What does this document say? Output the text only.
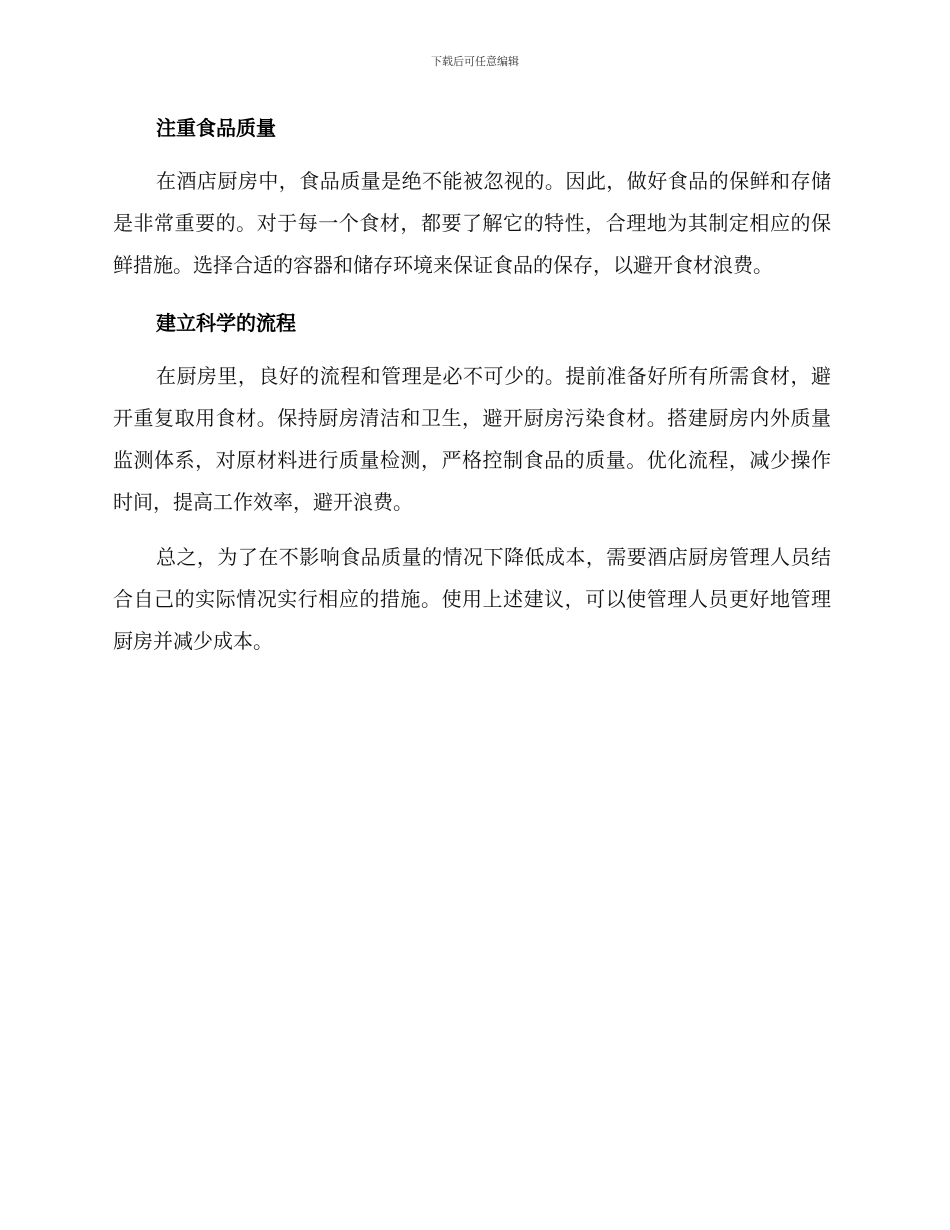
下载后可任意编辑
注重食品质量

在酒店厨房中，食品质量是绝不能被忽视的。因此，做好食品的保鲜和存储是非常重要的。对于每一个食材，都要了解它的特性，合理地为其制定相应的保鲜措施。选择合适的容器和储存环境来保证食品的保存，以避开食材浪费。

建立科学的流程

在厨房里，良好的流程和管理是必不可少的。提前准备好所有所需食材，避开重复取用食材。保持厨房清洁和卫生，避开厨房污染食材。搭建厨房内外质量监测体系，对原材料进行质量检测，严格控制食品的质量。优化流程，减少操作时间，提高工作效率，避开浪费。

总之，为了在不影响食品质量的情况下降低成本，需要酒店厨房管理人员结合自己的实际情况实行相应的措施。使用上述建议，可以使管理人员更好地管理厨房并减少成本。
